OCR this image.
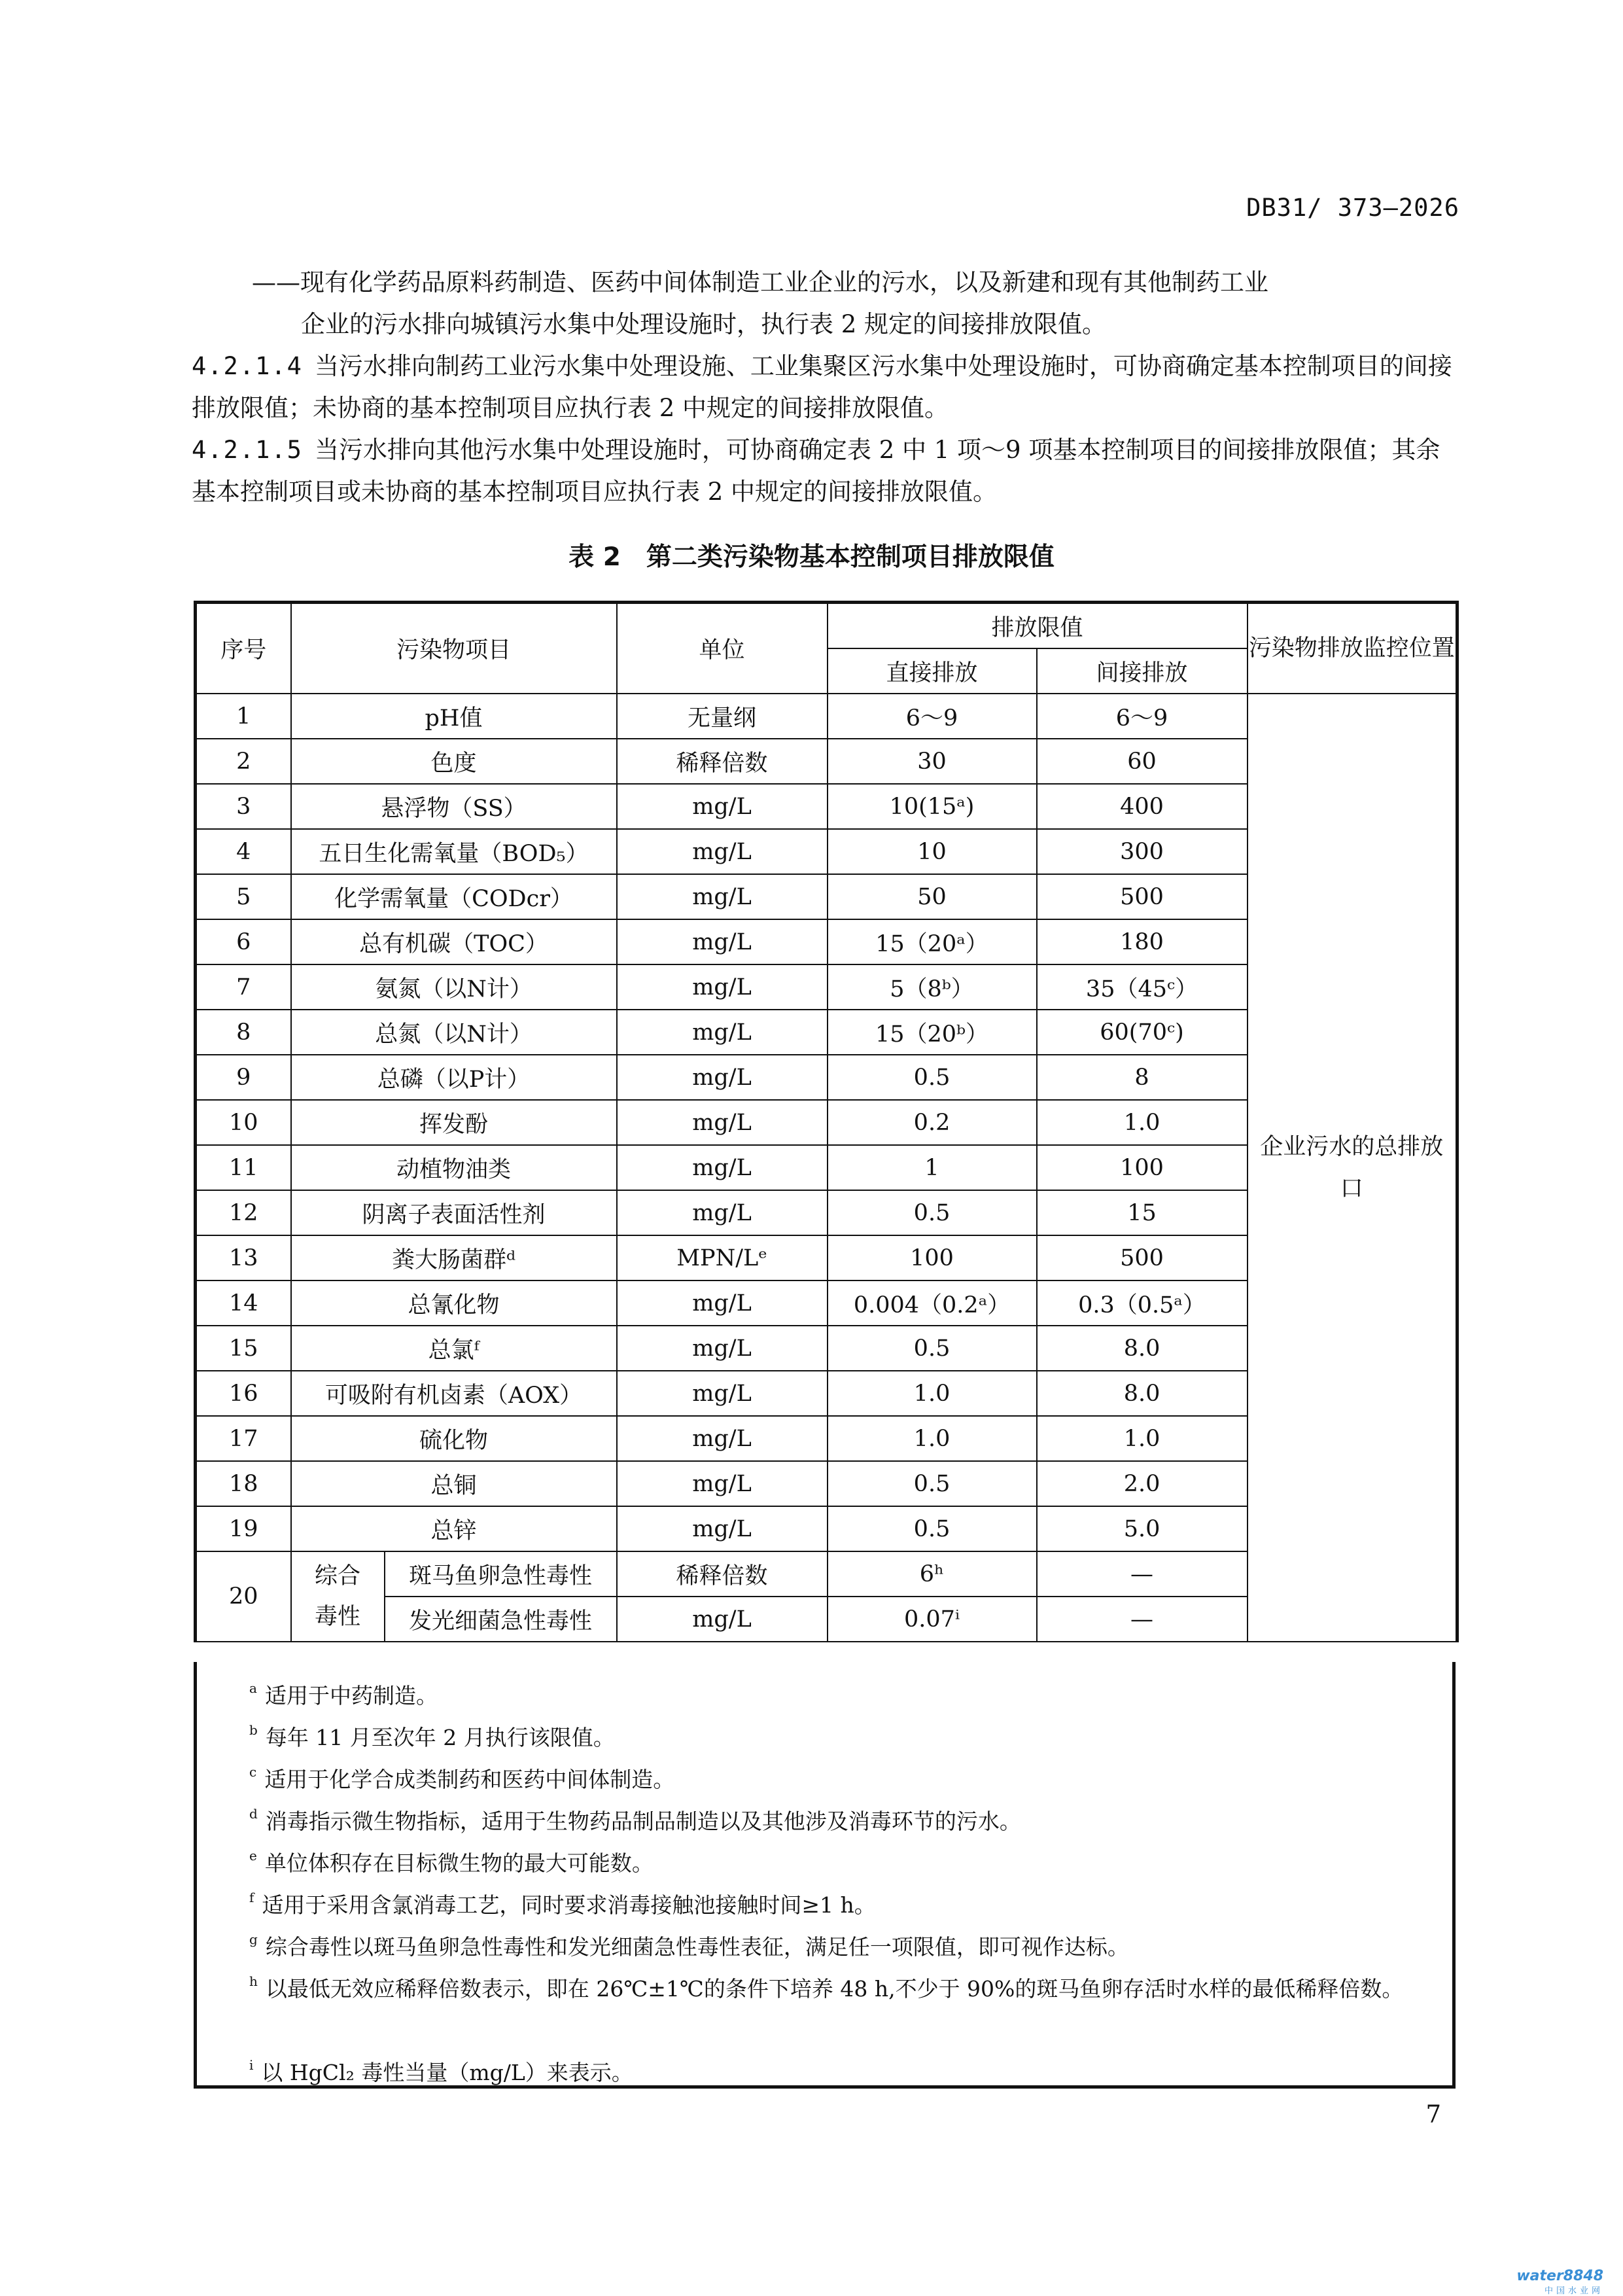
DB31/ 373—2026
——现有化学药品原料药制造、医药中间体制造工业企业的污水，以及新建和现有其他制药工业
企业的污水排向城镇污水集中处理设施时，执行表 2 规定的间接排放限值。
4.2.1.4 当污水排向制药工业污水集中处理设施、工业集聚区污水集中处理设施时，可协商确定基本控制项目的间接排放限值；未协商的基本控制项目应执行表 2 中规定的间接排放限值。
4.2.1.5 当污水排向其他污水集中处理设施时，可协商确定表 2 中 1 项～9 项基本控制项目的间接排放限值；其余基本控制项目或未协商的基本控制项目应执行表 2 中规定的间接排放限值。
表 2　第二类污染物基本控制项目排放限值
序号	污染物项目		单位	排放限值		污染物排放监控位置
				直接排放	间接排放	
1	pH值		无量纲	6～9	6～9	企业污水的总排放口
2	色度		稀释倍数	30	60	
3	悬浮物（SS）		mg/L	10(15ᵃ)	400	
4	五日生化需氧量（BOD₅）		mg/L	10	300	
5	化学需氧量（CODcr）		mg/L	50	500	
6	总有机碳（TOC）		mg/L	15（20ᵃ）	180	
7	氨氮（以N计）		mg/L	5（8ᵇ）	35（45ᶜ）	
8	总氮（以N计）		mg/L	15（20ᵇ）	60(70ᶜ)	
9	总磷（以P计）		mg/L	0.5	8	
10	挥发酚		mg/L	0.2	1.0	
11	动植物油类		mg/L	1	100	
12	阴离子表面活性剂		mg/L	0.5	15	
13	粪大肠菌群ᵈ		MPN/Lᵉ	100	500	
14	总氰化物		mg/L	0.004（0.2ᵃ）	0.3（0.5ᵃ）	
15	总氯ᶠ		mg/L	0.5	8.0	
16	可吸附有机卤素（AOX）		mg/L	1.0	8.0	
17	硫化物		mg/L	1.0	1.0	
18	总铜		mg/L	0.5	2.0	
19	总锌		mg/L	0.5	5.0	
20	综合毒性	斑马鱼卵急性毒性	稀释倍数	6ʰ	—	
		发光细菌急性毒性	mg/L	0.07ⁱ	—	
$^a$ 适用于中药制造。
$^b$ 每年 11 月至次年 2 月执行该限值。
$^c$ 适用于化学合成类制药和医药中间体制造。
$^d$ 消毒指示微生物指标，适用于生物药品制品制造以及其他涉及消毒环节的污水。
$^e$ 单位体积存在目标微生物的最大可能数。
$^f$ 适用于采用含氯消毒工艺，同时要求消毒接触池接触时间≥1 h。
$^g$ 综合毒性以斑马鱼卵急性毒性和发光细菌急性毒性表征，满足任一项限值，即可视作达标。
$^h$ 以最低无效应稀释倍数表示，即在 26℃±1℃的条件下培养 48 h,不少于 90%的斑马鱼卵存活时水样的最低稀释倍数。
$^i$ 以 HgCl₂ 毒性当量（mg/L）来表示。
7
water8848
中国水业网
